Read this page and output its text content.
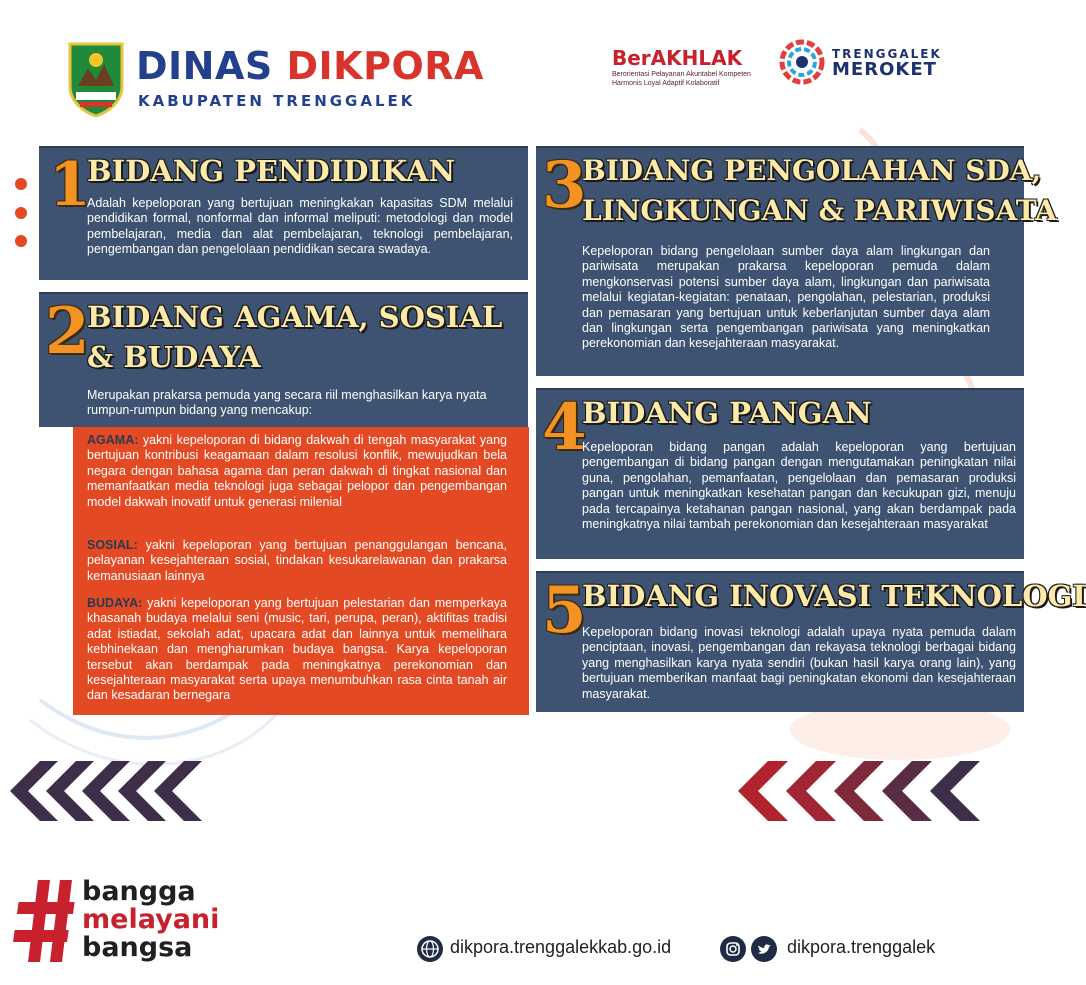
DINAS DIKPORA
KABUPATEN TRENGGALEK
BerAKHLAK
Berorientasi Pelayanan Akuntabel Kompeten
Harmonis Loyal Adaptif Kolaboratif
TRENGGALEK
MEROKET
1
BIDANG PENDIDIKAN
Adalah kepeloporan yang bertujuan meningkakan kapasitas SDM melalui pendidikan formal, nonformal dan informal meliputi: metodologi dan model pembelajaran, media dan alat pembelajaran, teknologi pembelajaran, pengembangan dan pengelolaan pendidikan secara swadaya.
2
BIDANG AGAMA, SOSIAL
& BUDAYA
Merupakan prakarsa pemuda yang secara riil menghasilkan karya nyata rumpun-rumpun bidang yang mencakup:
AGAMA: yakni kepeloporan di bidang dakwah di tengah masyarakat yang bertujuan kontribusi keagamaan dalam resolusi konflik, mewujudkan bela negara dengan bahasa agama dan peran dakwah di tingkat nasional dan memanfaatkan media teknologi juga sebagai pelopor dan pengembangan model dakwah inovatif untuk generasi milenial
SOSIAL: yakni kepeloporan yang bertujuan penanggulangan bencana, pelayanan kesejahteraan sosial, tindakan kesukarelawanan dan prakarsa kemanusiaan lainnya
BUDAYA: yakni kepeloporan yang bertujuan pelestarian dan memperkaya khasanah budaya melalui seni (music, tari, perupa, peran), aktifitas tradisi adat istiadat, sekolah adat, upacara adat dan lainnya untuk memelihara kebhinekaan dan mengharumkan budaya bangsa. Karya kepeloporan tersebut akan berdampak pada meningkatnya perekonomian dan kesejahteraan masyarakat serta upaya menumbuhkan rasa cinta tanah air dan kesadaran bernegara
3
BIDANG PENGOLAHAN SDA,
LINGKUNGAN & PARIWISATA
Kepeloporan bidang pengelolaan sumber daya alam lingkungan dan pariwisata merupakan prakarsa kepeloporan pemuda dalam mengkonservasi potensi sumber daya alam, lingkungan dan pariwisata melalui kegiatan-kegiatan: penataan, pengolahan, pelestarian, produksi dan pemasaran yang bertujuan untuk keberlanjutan sumber daya alam dan lingkungan serta pengembangan pariwisata yang meningkatkan perekonomian dan kesejahteraan masyarakat.
4
BIDANG PANGAN
Kepeloporan bidang pangan adalah kepeloporan yang bertujuan pengembangan di bidang pangan dengan mengutamakan peningkatan nilai guna, pengolahan, pemanfaatan, pengelolaan dan pemasaran produksi pangan untuk meningkatkan kesehatan pangan dan kecukupan gizi, menuju pada tercapainya ketahanan pangan nasional, yang akan berdampak pada meningkatnya nilai tambah perekonomian dan kesejahteraan masyarakat
5
BIDANG INOVASI TEKNOLOGI
Kepeloporan bidang inovasi teknologi adalah upaya nyata pemuda dalam penciptaan, inovasi, pengembangan dan rekayasa teknologi berbagai bidang yang menghasilkan karya nyata sendiri (bukan hasil karya orang lain), yang bertujuan memberikan manfaat bagi peningkatan ekonomi dan kesejahteraan masyarakat.
bangga
melayani
bangsa	dikpora.trenggalekkab.go.id	dikpora.trenggalek
